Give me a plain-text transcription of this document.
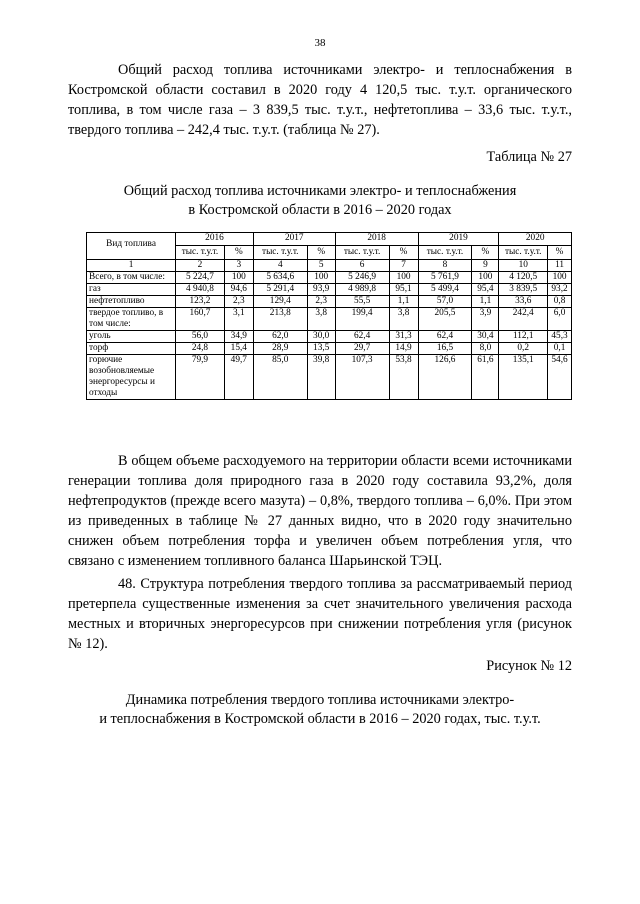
38

Общий расход топлива источниками электро- и теплоснабжения в Костромской области составил в 2020 году 4 120,5 тыс. т.у.т. органического топлива, в том числе газа – 3 839,5 тыс. т.у.т., нефтетоплива – 33,6 тыс. т.у.т., твердого топлива – 242,4 тыс. т.у.т. (таблица № 27).

Таблица № 27
Общий расход топлива источниками электро- и теплоснабжения
в Костромской области в 2016 – 2020 годах
Вид топлива	2016		2017		2018		2019		2020	
	тыс. т.у.т.	%	тыс. т.у.т.	%	тыс. т.у.т.	%	тыс. т.у.т.	%	тыс. т.у.т.	%
1	2	3	4	5	6	7	8	9	10	11
Всего, в том числе:	5 224,7	100	5 634,6	100	5 246,9	100	5 761,9	100	4 120,5	100
газ	4 940,8	94,6	5 291,4	93,9	4 989,8	95,1	5 499,4	95,4	3 839,5	93,2
нефтетопливо	123,2	2,3	129,4	2,3	55,5	1,1	57,0	1,1	33,6	0,8
твердое топливо, в том числе:	160,7	3,1	213,8	3,8	199,4	3,8	205,5	3,9	242,4	6,0
уголь	56,0	34,9	62,0	30,0	62,4	31,3	62,4	30,4	112,1	45,3
торф	24,8	15,4	28,9	13,5	29,7	14,9	16,5	8,0	0,2	0,1
горючие возобновляемые энергоресурсы и отходы	79,9	49,7	85,0	39,8	107,3	53,8	126,6	61,6	135,1	54,6

В общем объеме расходуемого на территории области всеми источниками генерации топлива доля природного газа в 2020 году составила 93,2%, доля нефтепродуктов (прежде всего мазута) – 0,8%, твердого топлива – 6,0%. При этом из приведенных в таблице № 27 данных видно, что в 2020 году значительно снижен объем потребления торфа и увеличен объем потребления угля, что связано с изменением топливного баланса Шарьинской ТЭЦ.

48. Структура потребления твердого топлива за рассматриваемый период претерпела существенные изменения за счет значительного увеличения расхода местных и вторичных энергоресурсов при снижении потребления угля (рисунок № 12).

Рисунок № 12
Динамика потребления твердого топлива источниками электро-
и теплоснабжения в Костромской области в 2016 – 2020 годах, тыс. т.у.т.
